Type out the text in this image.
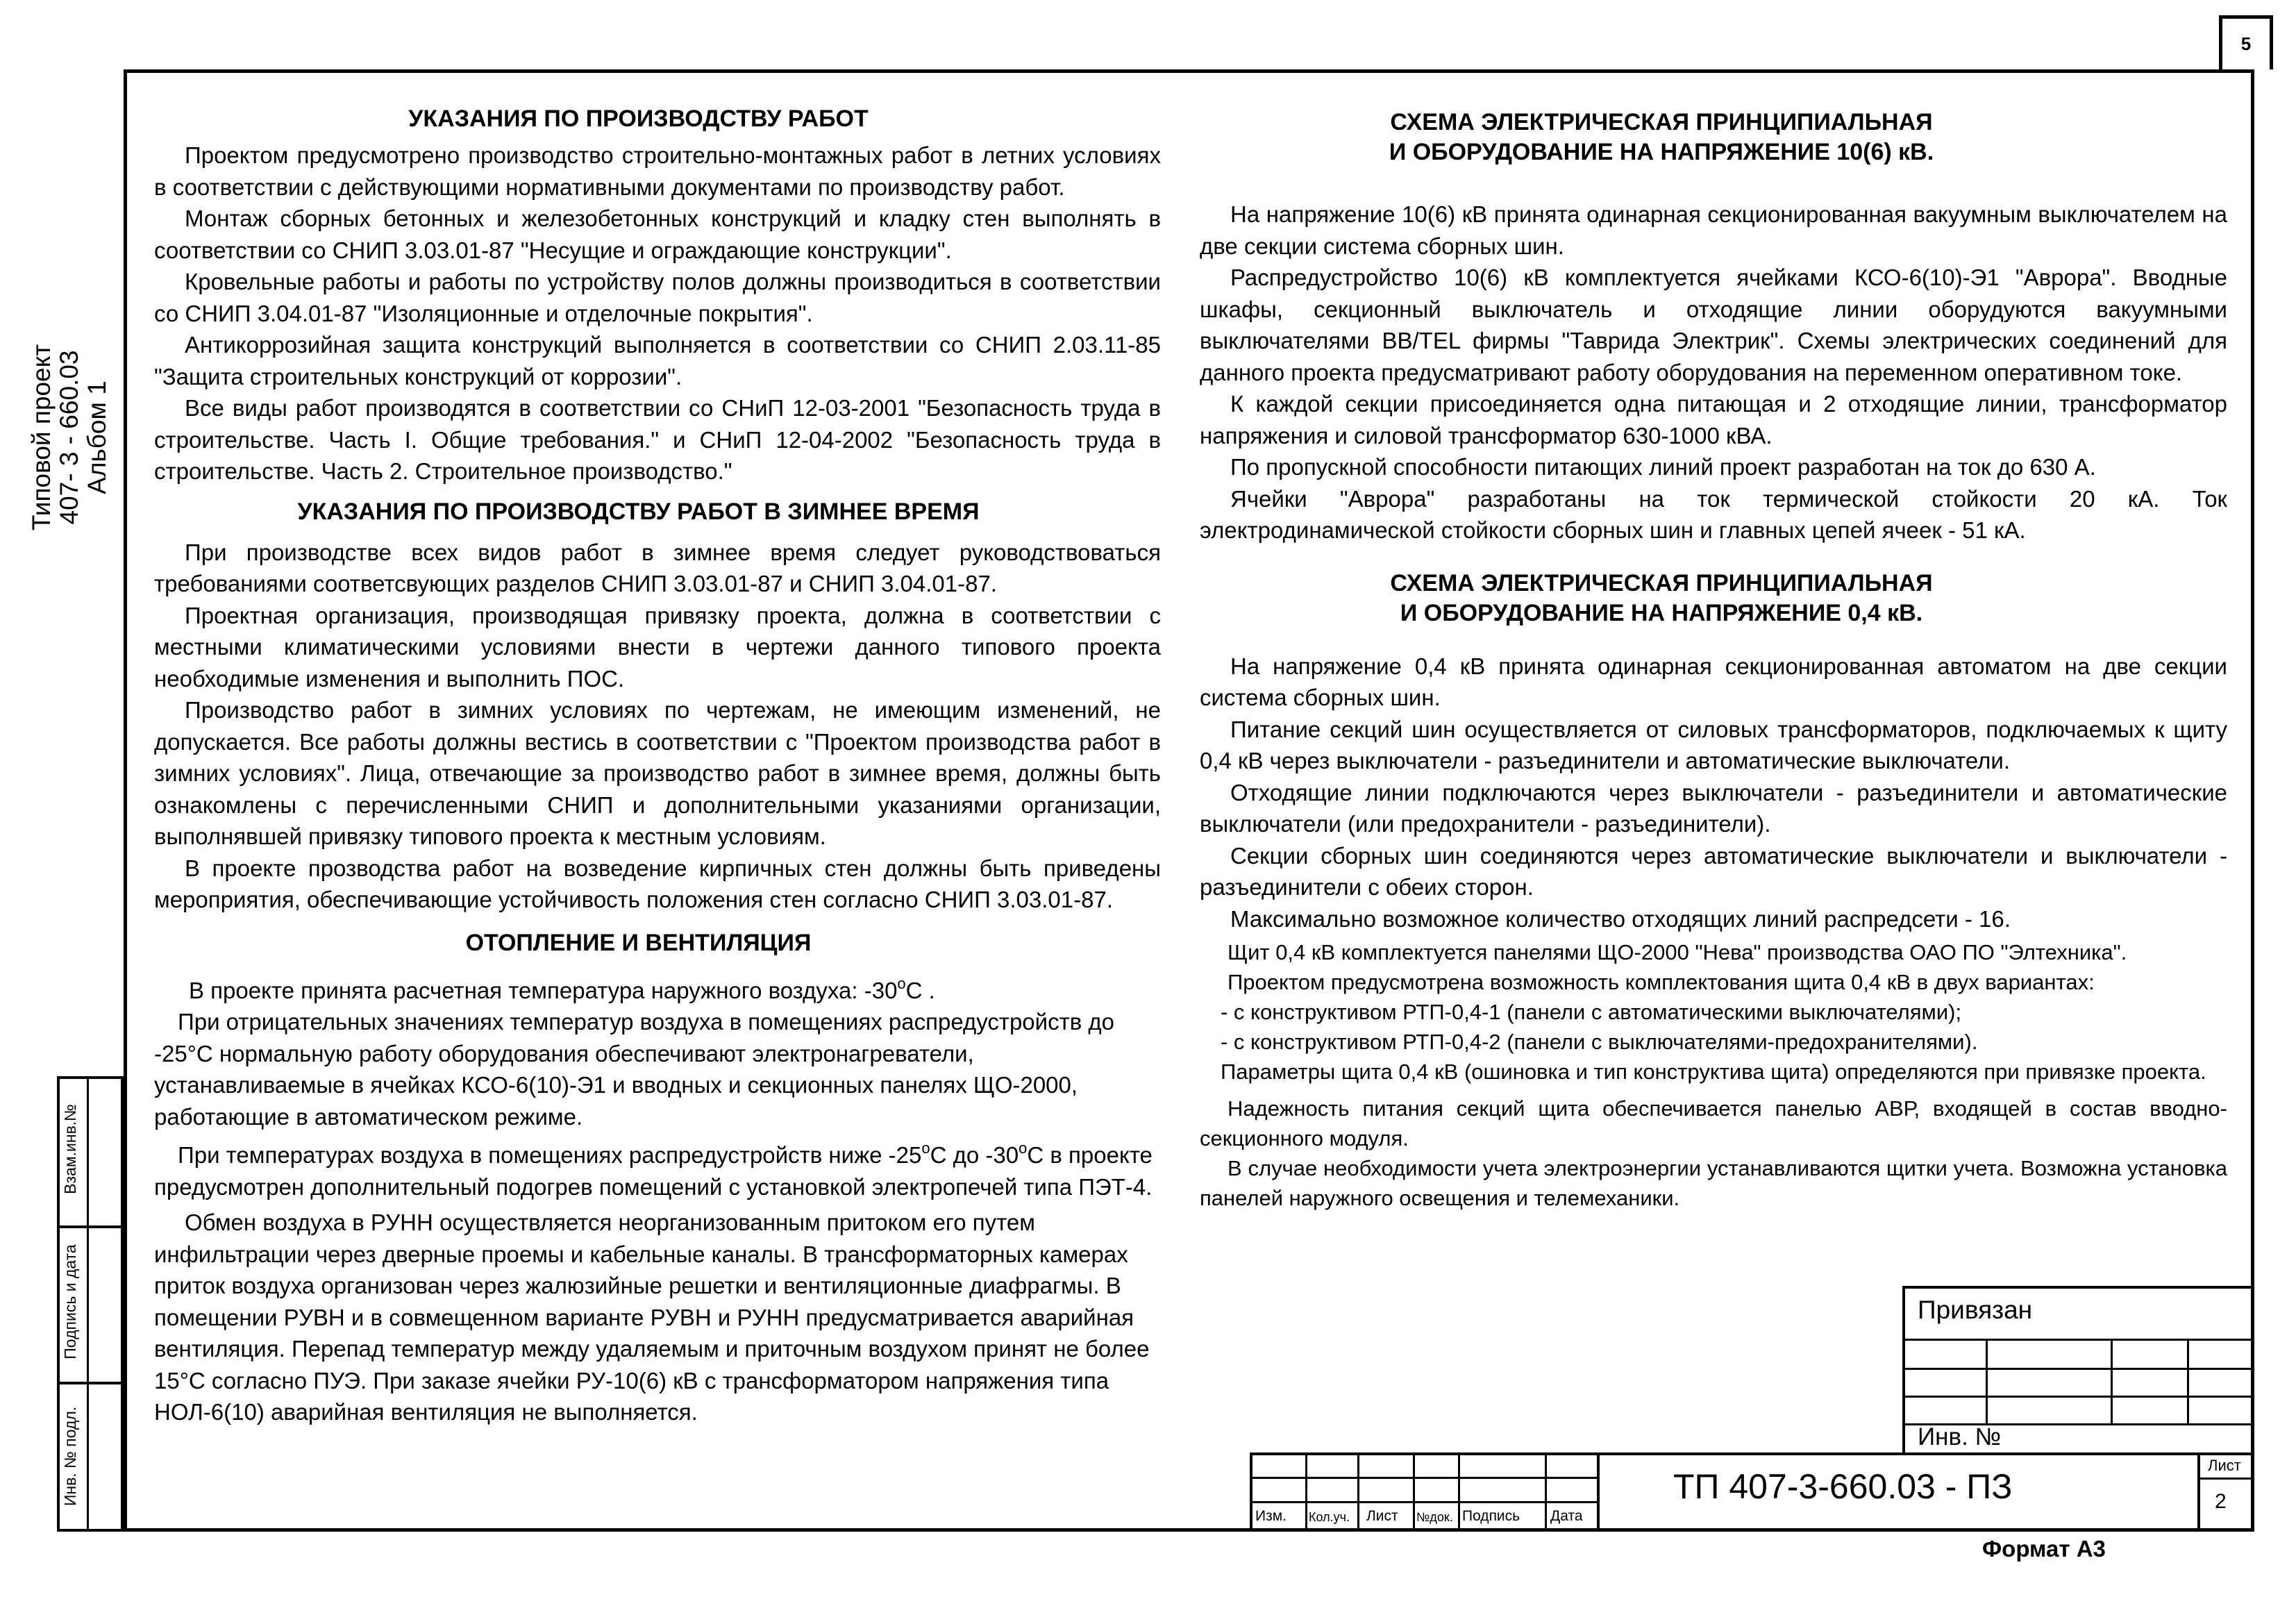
5
Типовой проект 407- 3 - 660.03 Альбом 1
Взам.инв.№
Подпись и дата
Инв. № подл.
УКАЗАНИЯ ПО ПРОИЗВОДСТВУ РАБОТ

Проектом предусмотрено производство строительно-монтажных работ в летних условиях в соответствии с действующими нормативными документами по производству работ.

Монтаж сборных бетонных и железобетонных конструкций и кладку стен выполнять в соответствии со СНИП 3.03.01-87 "Несущие и ограждающие конструкции".

Кровельные работы и работы по устройству полов должны производиться в соответствии со СНИП 3.04.01-87 "Изоляционные и отделочные покрытия".

Антикоррозийная защита конструкций выполняется в соответствии со СНИП 2.03.11-85 "Защита строительных конструкций от коррозии".

Все виды работ производятся в соответствии со СНиП 12-03-2001 "Безопасность труда в строительстве. Часть I. Общие требования." и СНиП 12-04-2002 "Безопасность труда в строительстве. Часть 2. Строительное производство."

УКАЗАНИЯ ПО ПРОИЗВОДСТВУ РАБОТ В ЗИМНЕЕ ВРЕМЯ

При производстве всех видов работ в зимнее время следует руководствоваться требованиями соответсвующих разделов СНИП 3.03.01-87 и СНИП 3.04.01-87.

Проектная организация, производящая привязку проекта, должна в соответствии с местными климатическими условиями внести в чертежи данного типового проекта необходимые изменения и выполнить ПОС.

Производство работ в зимних условиях по чертежам, не имеющим изменений, не допускается. Все работы должны вестись в соответствии с "Проектом производства работ в зимних условиях". Лица, отвечающие за производство работ в зимнее время, должны быть ознакомлены с перечисленными СНИП и дополнительными указаниями организации, выполнявшей привязку типового проекта к местным условиям.

В проекте прозводства работ на возведение кирпичных стен должны быть приведены мероприятия, обеспечивающие устойчивость положения стен согласно СНИП 3.03.01-87.

ОТОПЛЕНИЕ И ВЕНТИЛЯЦИЯ

В проекте принята расчетная температура наружного воздуха: $-30^оС$ .

При отрицательных значениях температур воздуха в помещениях распредустройств до -25°С нормальную работу оборудования обеспечивают электронагреватели, устанавливаемые в ячейках КСО-6(10)-Э1 и вводных и секционных панелях ЩО-2000, работающие в автоматическом режиме.

При температурах воздуха в помещениях распредустройств ниже $-25^оС$ до $-30^оС$ в проекте предусмотрен дополнительный подогрев помещений с установкой электропечей типа ПЭТ-4.

Обмен воздуха в РУНН осуществляется неорганизованным притоком его путем инфильтрации через дверные проемы и кабельные каналы. В трансформаторных камерах приток воздуха организован через жалюзийные решетки и вентиляционные диафрагмы. В помещении РУВН и в совмещенном варианте РУВН и РУНН предусматривается аварийная вентиляция. Перепад температур между удаляемым и приточным воздухом принят не более 15°С согласно ПУЭ. При заказе ячейки РУ-10(6) кВ с трансформатором напряжения типа НОЛ-6(10) аварийная вентиляция не выполняется.

СХЕМА ЭЛЕКТРИЧЕСКАЯ ПРИНЦИПИАЛЬНАЯ
И ОБОРУДОВАНИЕ НА НАПРЯЖЕНИЕ 10(6) кВ.

На напряжение 10(6) кВ принята одинарная секционированная вакуумным выключателем на две секции система сборных шин.

Распредустройство 10(6) кВ комплектуется ячейками КСО-6(10)-Э1 "Аврора". Вводные шкафы, секционный выключатель и отходящие линии оборудуются вакуумными выключателями ВВ/TEL фирмы "Таврида Электрик". Схемы электрических соединений для данного проекта предусматривают работу оборудования на переменном оперативном токе.

К каждой секции присоединяется одна питающая и 2 отходящие линии, трансформатор напряжения и силовой трансформатор 630-1000 кВА.

По пропускной способности питающих линий проект разработан на ток до 630 А.

Ячейки "Аврора" разработаны на ток термической стойкости 20 кА. Ток электродинамической стойкости сборных шин и главных цепей ячеек - 51 кА.

СХЕМА ЭЛЕКТРИЧЕСКАЯ ПРИНЦИПИАЛЬНАЯ
И ОБОРУДОВАНИЕ НА НАПРЯЖЕНИЕ 0,4 кВ.

На напряжение 0,4 кВ принята одинарная секционированная автоматом на две секции система сборных шин.

Питание секций шин осуществляется от силовых трансформаторов, подключаемых к щиту 0,4 кВ через выключатели - разъединители и автоматические выключатели.

Отходящие линии подключаются через выключатели - разъединители и автоматические выключатели (или предохранители - разъединители).

Секции сборных шин соединяются через автоматические выключатели и выключатели - разъединители с обеих сторон.

Максимально возможное количество отходящих линий распредсети - 16.

Щит 0,4 кВ комплектуется панелями ЩО-2000 "Нева" производства ОАО ПО "Элтехника".

Проектом предусмотрена возможность комплектования щита 0,4 кВ в двух вариантах:

- с конструктивом РТП-0,4-1 (панели с автоматическими выключателями);

- с конструктивом РТП-0,4-2 (панели с выключателями-предохранителями).

Параметры щита 0,4 кВ (ошиновка и тип конструктива щита) определяются при привязке проекта.

Надежность питания секций щита обеспечивается панелью АВР, входящей в состав вводно-секционного модуля.

В случае необходимости учета электроэнергии устанавливаются щитки учета. Возможна установка панелей наружного освещения и телемеханики.

Привязан
Инв. №
Изм. Кол.уч. Лист №док. Подпись Дата
ТП 407-3-660.03 - ПЗ
Лист
2
Формат А3
